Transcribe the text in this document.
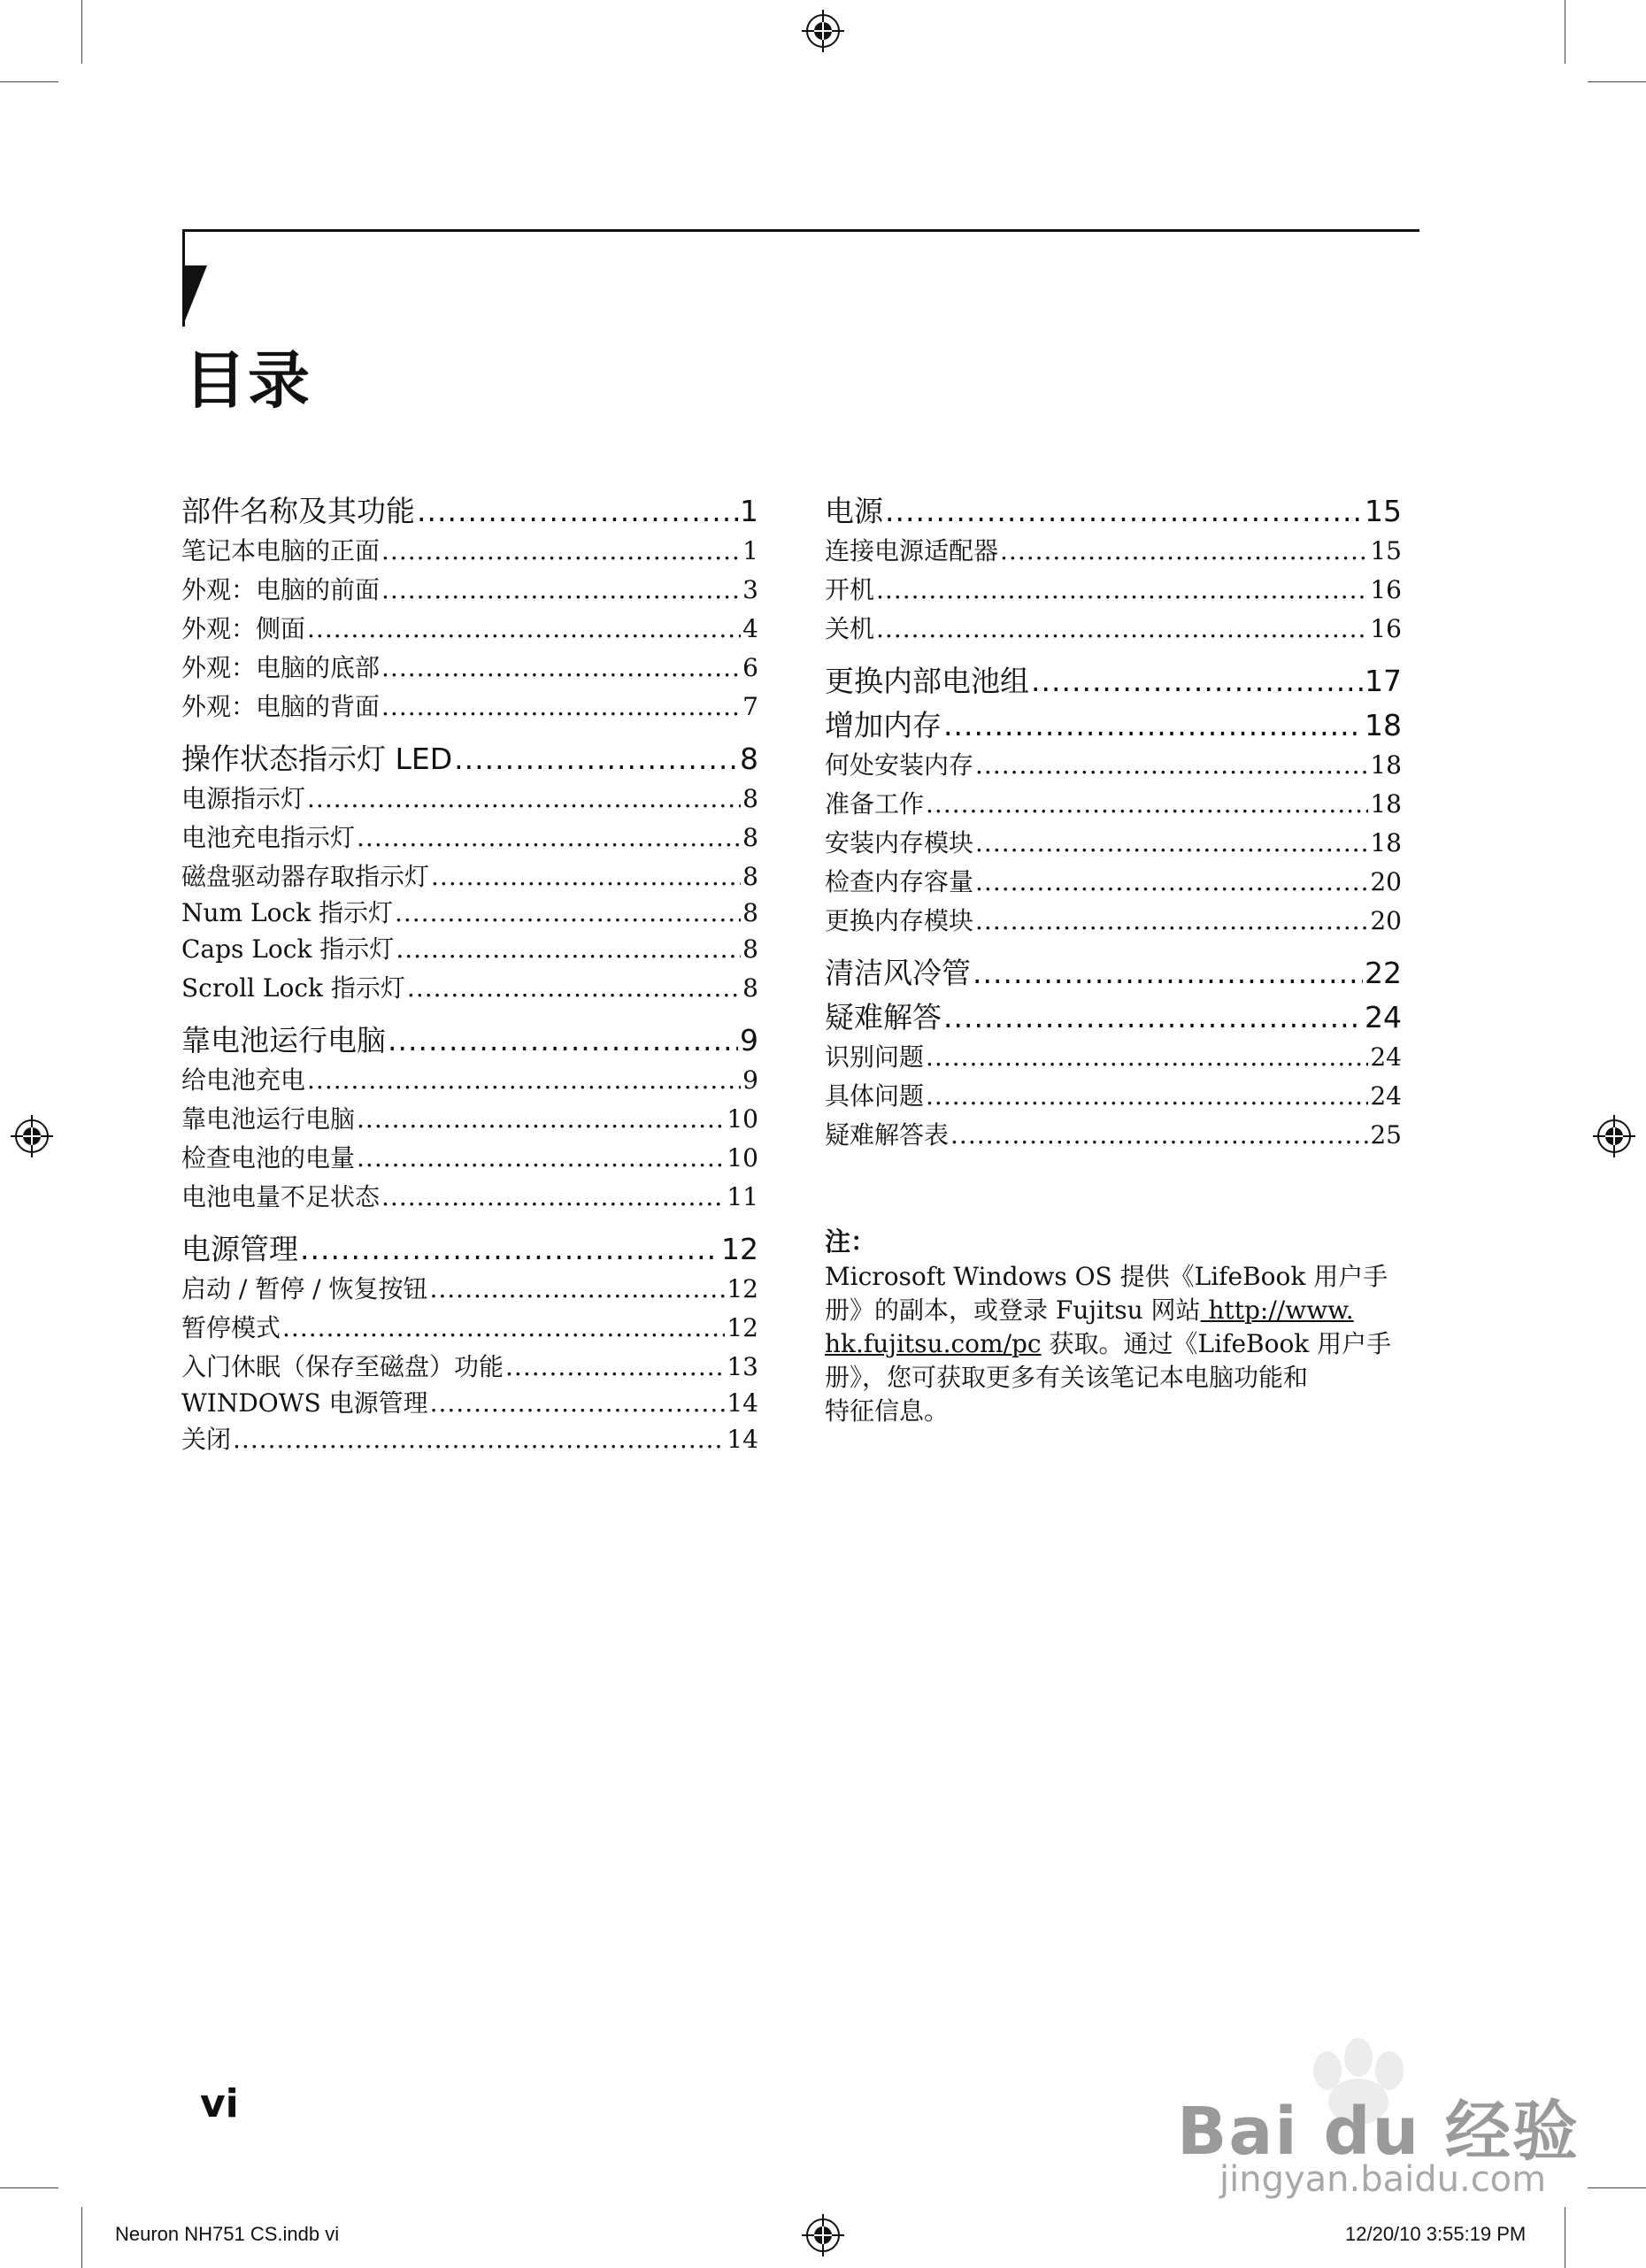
目录
部件名称及其功能 .....	1
笔记本电脑的正面 .....	1
外观：电脑的前面 .....	3
外观：侧面 .....	4
外观：电脑的底部 .....	6
外观：电脑的背面 .....	7
操作状态指示灯 LED .....	8
电源指示灯 .....	8
电池充电指示灯 .....	8
磁盘驱动器存取指示灯 .....	8
Num Lock 指示灯 .....	8
Caps Lock 指示灯 .....	8
Scroll Lock 指示灯 .....	8
靠电池运行电脑 .....	9
给电池充电 .....	9
靠电池运行电脑 .....	10
检查电池的电量 .....	10
电池电量不足状态 .....	11
电源管理 .....	12
启动 / 暂停 / 恢复按钮 .....	12
暂停模式 .....	12
入门休眠（保存至磁盘）功能 .....	13
WINDOWS 电源管理 .....	14
关闭 .....	14
电源 .....	15
连接电源适配器 .....	15
开机 .....	16
关机 .....	16
更换内部电池组 .....	17
增加内存 .....	18
何处安装内存 .....	18
准备工作 .....	18
安装内存模块 .....	18
检查内存容量 .....	20
更换内存模块 .....	20
清洁风冷管 .....	22
疑难解答 .....	24
识别问题 .....	24
具体问题 .....	24
疑难解答表 .....	25
注：
Microsoft Windows OS 提供《LifeBook 用户手
册》的副本，或登录 Fujitsu 网站 http://www.
hk.fujitsu.com/pc 获取。通过《LifeBook 用户手
册》，您可获取更多有关该笔记本电脑功能和
特征信息。
vi	Bai du 经验
jingyan.baidu.com
Neuron NH751 CS.indb vi	12/20/10 3:55:19 PM
